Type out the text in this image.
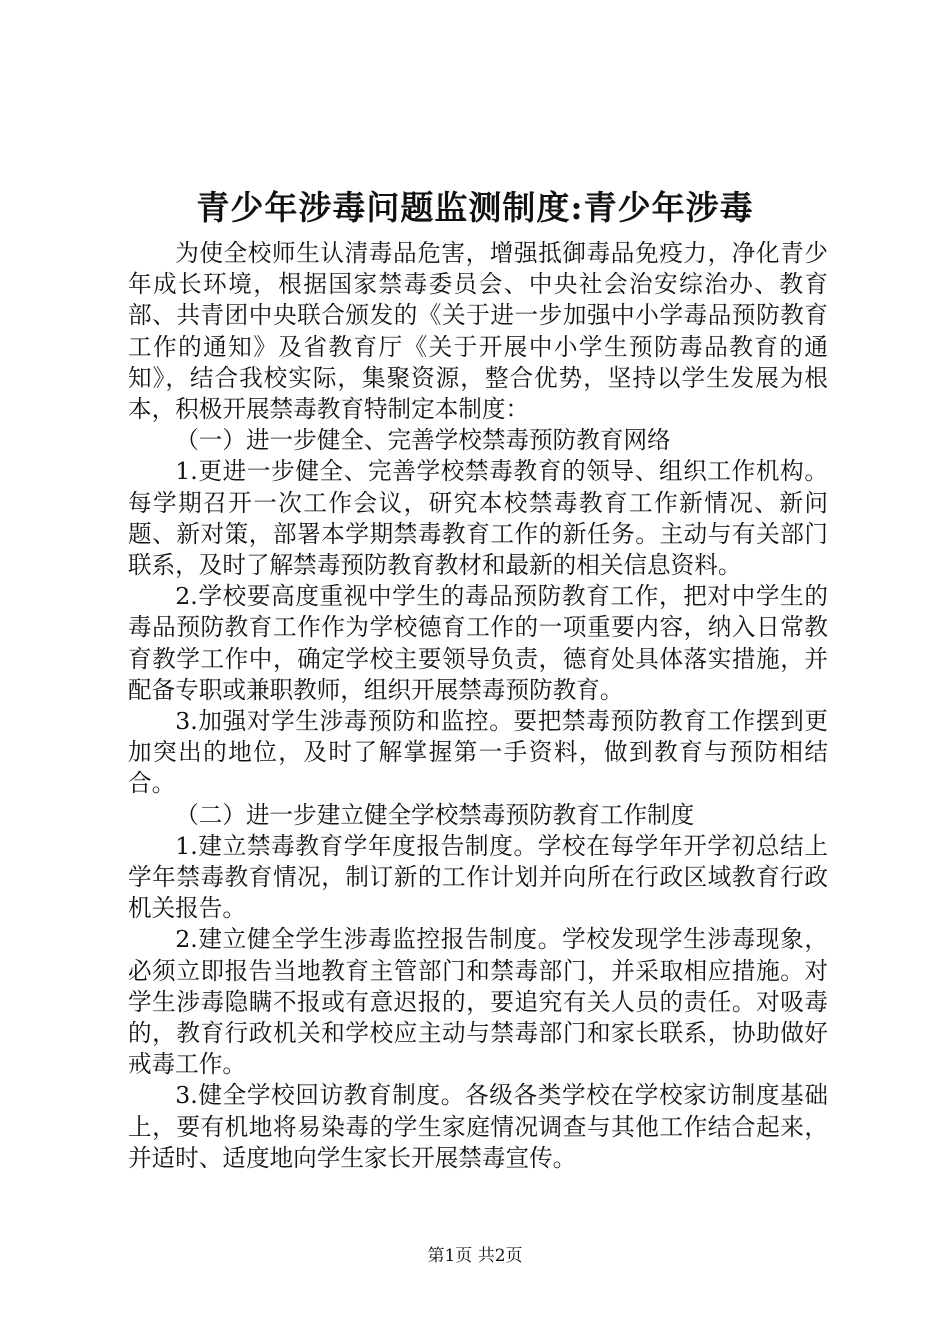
青少年涉毒问题监测制度:青少年涉毒

为使全校师生认清毒品危害，增强抵御毒品免疫力，净化青少年成长环境，根据国家禁毒委员会、中央社会治安综治办、教育部、共青团中央联合颁发的《关于进一步加强中小学毒品预防教育工作的通知》及省教育厅《关于开展中小学生预防毒品教育的通知》，结合我校实际，集聚资源，整合优势，坚持以学生发展为根本，积极开展禁毒教育特制定本制度：

（一）进一步健全、完善学校禁毒预防教育网络

1.更进一步健全、完善学校禁毒教育的领导、组织工作机构。每学期召开一次工作会议，研究本校禁毒教育工作新情况、新问题、新对策，部署本学期禁毒教育工作的新任务。主动与有关部门联系，及时了解禁毒预防教育教材和最新的相关信息资料。

2.学校要高度重视中学生的毒品预防教育工作，把对中学生的毒品预防教育工作作为学校德育工作的一项重要内容，纳入日常教育教学工作中，确定学校主要领导负责，德育处具体落实措施，并配备专职或兼职教师，组织开展禁毒预防教育。

3.加强对学生涉毒预防和监控。要把禁毒预防教育工作摆到更加突出的地位，及时了解掌握第一手资料，做到教育与预防相结合。

（二）进一步建立健全学校禁毒预防教育工作制度

1.建立禁毒教育学年度报告制度。学校在每学年开学初总结上学年禁毒教育情况，制订新的工作计划并向所在行政区域教育行政机关报告。

2.建立健全学生涉毒监控报告制度。学校发现学生涉毒现象，必须立即报告当地教育主管部门和禁毒部门，并采取相应措施。对学生涉毒隐瞒不报或有意迟报的，要追究有关人员的责任。对吸毒的，教育行政机关和学校应主动与禁毒部门和家长联系，协助做好戒毒工作。

3.健全学校回访教育制度。各级各类学校在学校家访制度基础上，要有机地将易染毒的学生家庭情况调查与其他工作结合起来，并适时、适度地向学生家长开展禁毒宣传。

第1页 共2页
